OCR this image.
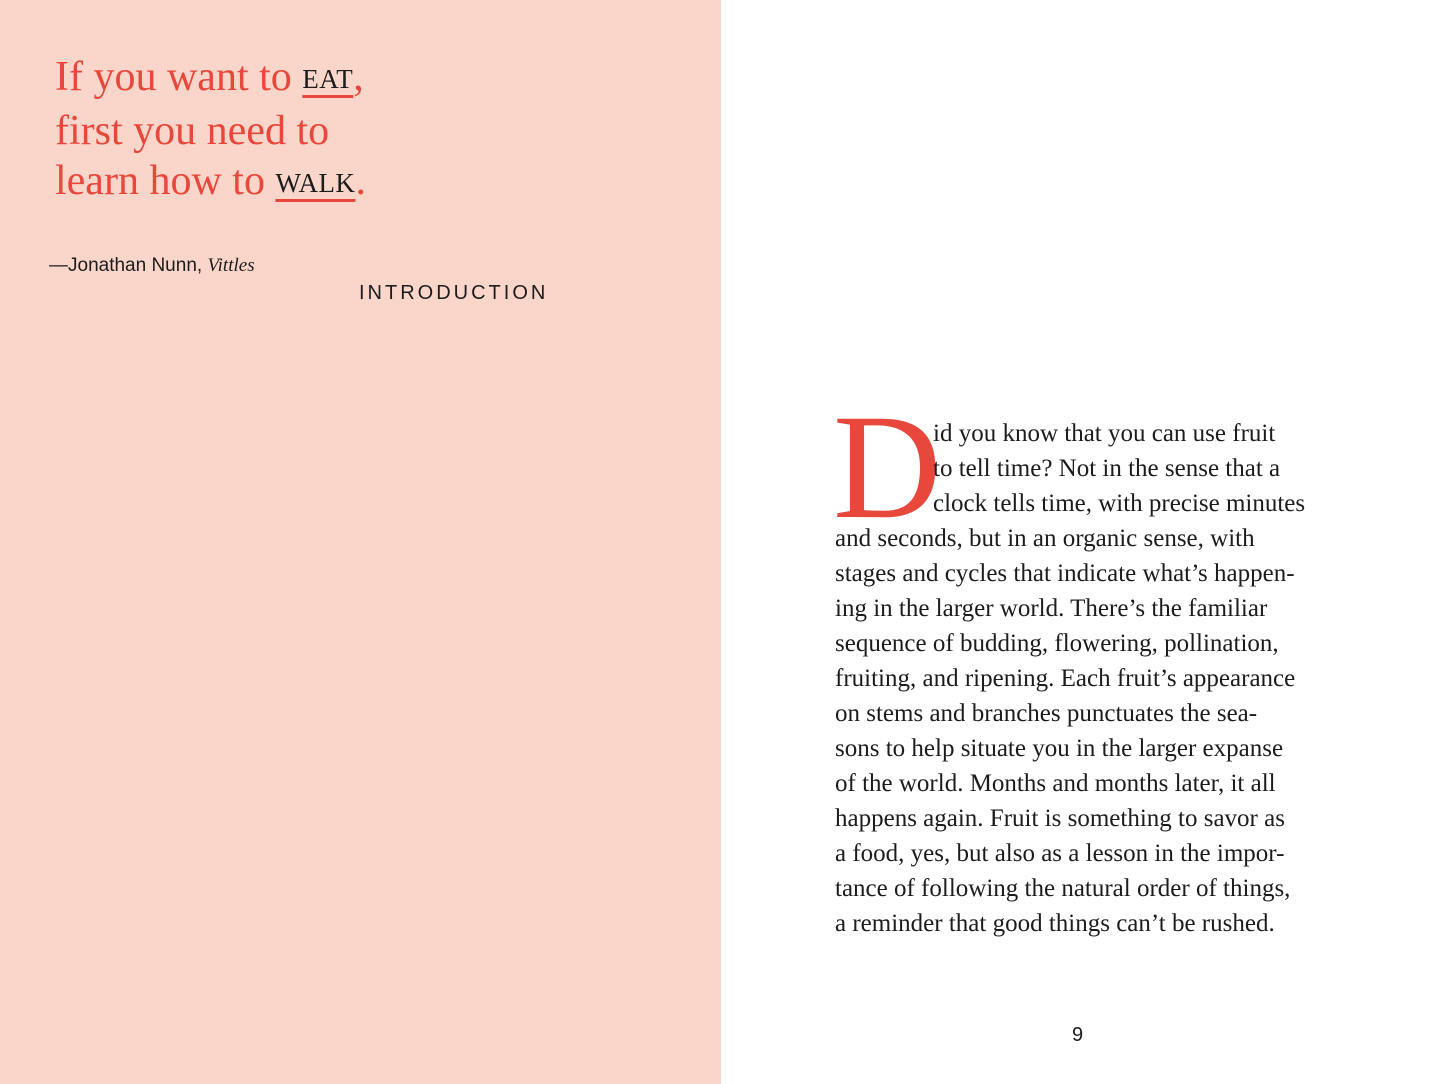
If you want to EAT,
first you need to
learn how to WALK.
—Jonathan Nunn, Vittles
INTRODUCTION
D
id you know that you can use fruit
to tell time? Not in the sense that a
clock tells time, with precise minutes
and seconds, but in an organic sense, with
stages and cycles that indicate what’s happen-
ing in the larger world. There’s the familiar
sequence of budding, flowering, pollination,
fruiting, and ripening. Each fruit’s appearance
on stems and branches punctuates the sea-
sons to help situate you in the larger expanse
of the world. Months and months later, it all
happens again. Fruit is something to savor as
a food, yes, but also as a lesson in the impor-
tance of following the natural order of things,
a reminder that good things can’t be rushed.
9
